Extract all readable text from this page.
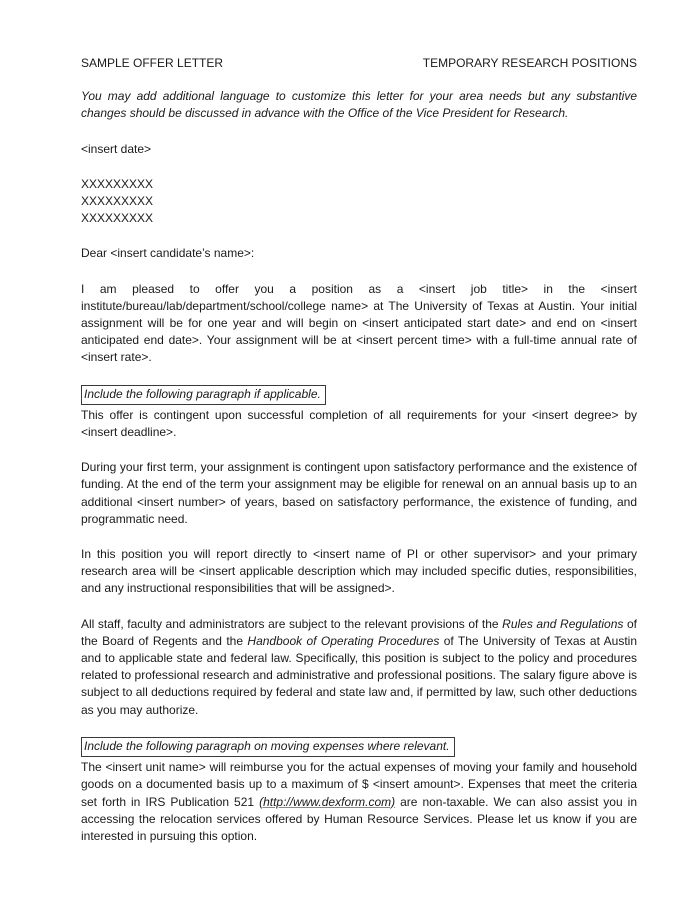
SAMPLE OFFER LETTER	TEMPORARY RESEARCH POSITIONS

You may add additional language to customize this letter for your area needs but any substantive changes should be discussed in advance with the Office of the Vice President for Research.

<insert date>

XXXXXXXXX

XXXXXXXXX

XXXXXXXXX

Dear <insert candidate’s name>:

I am pleased to offer you a position as a <insert job title> in the <insert institute/bureau/lab/department/school/college name> at The University of Texas at Austin. Your initial assignment will be for one year and will begin on <insert anticipated start date> and end on <insert anticipated end date>. Your assignment will be at <insert percent time> with a full-time annual rate of <insert rate>.

Include the following paragraph if applicable.

This offer is contingent upon successful completion of all requirements for your <insert degree> by <insert deadline>.

During your first term, your assignment is contingent upon satisfactory performance and the existence of funding. At the end of the term your assignment may be eligible for renewal on an annual basis up to an additional <insert number> of years, based on satisfactory performance, the existence of funding, and programmatic need.

In this position you will report directly to <insert name of PI or other supervisor> and your primary research area will be <insert applicable description which may included specific duties, responsibilities, and any instructional responsibilities that will be assigned>.

All staff, faculty and administrators are subject to the relevant provisions of the Rules and Regulations of the Board of Regents and the Handbook of Operating Procedures of The University of Texas at Austin and to applicable state and federal law. Specifically, this position is subject to the policy and procedures related to professional research and administrative and professional positions. The salary figure above is subject to all deductions required by federal and state law and, if permitted by law, such other deductions as you may authorize.

Include the following paragraph on moving expenses where relevant.

The <insert unit name> will reimburse you for the actual expenses of moving your family and household goods on a documented basis up to a maximum of $ <insert amount>. Expenses that meet the criteria set forth in IRS Publication 521 (http://www.dexform.com) are non-taxable. We can also assist you in accessing the relocation services offered by Human Resource Services. Please let us know if you are interested in pursuing this option.
